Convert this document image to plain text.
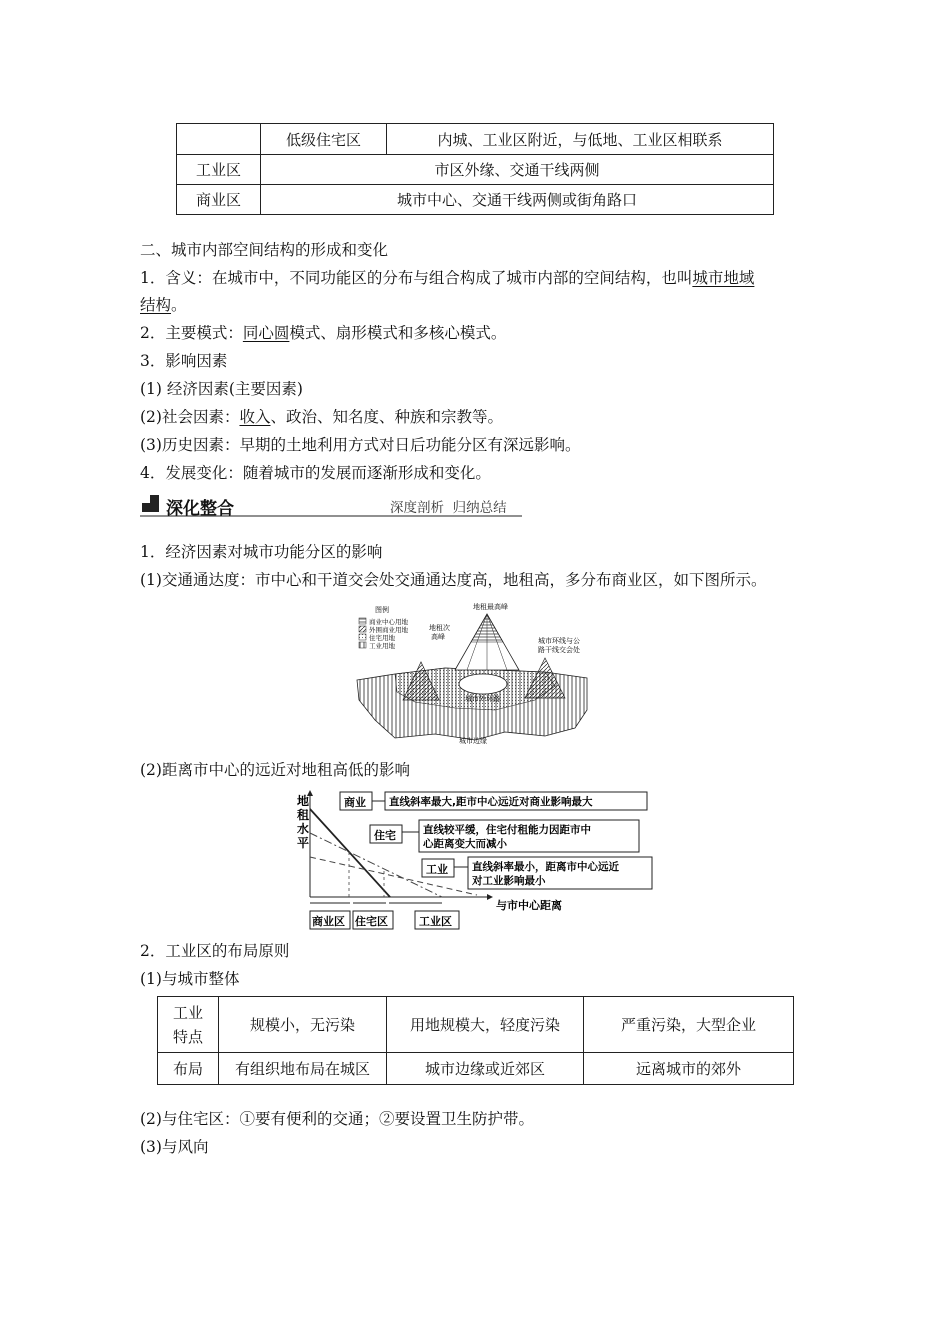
	低级住宅区	内城、工业区附近，与低地、工业区相联系
工业区	市区外缘、交通干线两侧	
商业区	城市中心、交通干线两侧或街角路口	
二、城市内部空间结构的形成和变化
1．含义：在城市中，不同功能区的分布与组合构成了城市内部的空间结构，也叫城市地域
结构。
2．主要模式：同心圆模式、扇形模式和多核心模式。
3．影响因素
(1) 经济因素(主要因素)
(2)社会因素：收入、政治、知名度、种族和宗教等。
(3)历史因素：早期的土地利用方式对日后功能分区有深远影响。
4．发展变化：随着城市的发展而逐渐形成和变化。
深化整合	深度剖析  归纳总结
1．经济因素对城市功能分区的影响
(1)交通通达度：市中心和干道交会处交通通达度高，地租高，多分布商业区，如下图所示。
图例
商业中心用地
外围商业用地
住宅用地
工业用地
地租最高峰
地租次
高峰	城市环线与公
路干线交会处
城市外环路
城市边缘
(2)距离市中心的远近对地租高低的影响
地
租
水
平
与市中心距离
商业 直线斜率最大,距市中心远近对商业影响最大
住宅	直线较平缓，住宅付租能力因距市中
心距离变大而减小
工业 直线斜率最小，距离市中心远近
对工业影响最小
商业区 住宅区	工业区
2．工业区的布局原则
(1)与城市整体
工业
特点	规模小，无污染	用地规模大，轻度污染	严重污染，大型企业
布局	有组织地布局在城区	城市边缘或近郊区	远离城市的郊外
(2)与住宅区：①要有便利的交通；②要设置卫生防护带。
(3)与风向
